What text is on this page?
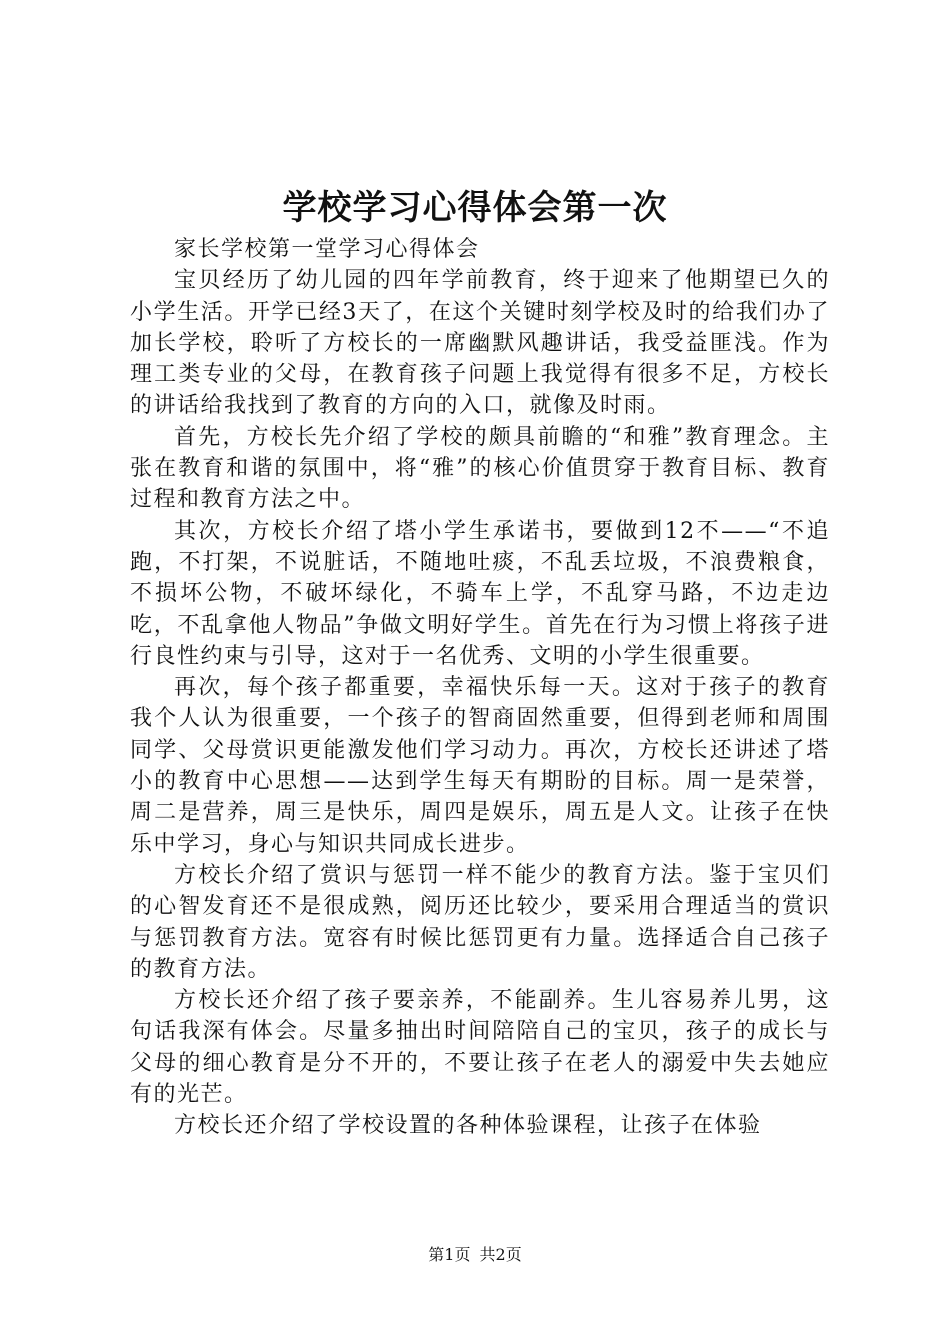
学校学习心得体会第一次

家长学校第一堂学习心得体会

宝贝经历了幼儿园的四年学前教育，终于迎来了他期望已久的小学生活。开学已经3天了，在这个关键时刻学校及时的给我们办了加长学校，聆听了方校长的一席幽默风趣讲话，我受益匪浅。作为理工类专业的父母，在教育孩子问题上我觉得有很多不足，方校长的讲话给我找到了教育的方向的入口，就像及时雨。

首先，方校长先介绍了学校的颇具前瞻的“和雅”教育理念。主张在教育和谐的氛围中，将“雅”的核心价值贯穿于教育目标、教育过程和教育方法之中。

其次，方校长介绍了塔小学生承诺书，要做到12不——“不追跑，不打架，不说脏话，不随地吐痰，不乱丢垃圾，不浪费粮食，不损坏公物，不破坏绿化，不骑车上学，不乱穿马路，不边走边吃，不乱拿他人物品”争做文明好学生。首先在行为习惯上将孩子进行良性约束与引导，这对于一名优秀、文明的小学生很重要。

再次，每个孩子都重要，幸福快乐每一天。这对于孩子的教育我个人认为很重要，一个孩子的智商固然重要，但得到老师和周围同学、父母赏识更能激发他们学习动力。再次，方校长还讲述了塔小的教育中心思想——达到学生每天有期盼的目标。周一是荣誉，周二是营养，周三是快乐，周四是娱乐，周五是人文。让孩子在快乐中学习，身心与知识共同成长进步。

方校长介绍了赏识与惩罚一样不能少的教育方法。鉴于宝贝们的心智发育还不是很成熟，阅历还比较少，要采用合理适当的赏识与惩罚教育方法。宽容有时候比惩罚更有力量。选择适合自己孩子的教育方法。

方校长还介绍了孩子要亲养，不能副养。生儿容易养儿男，这句话我深有体会。尽量多抽出时间陪陪自己的宝贝，孩子的成长与父母的细心教育是分不开的，不要让孩子在老人的溺爱中失去她应有的光芒。

方校长还介绍了学校设置的各种体验课程，让孩子在体验

第1页 共2页
